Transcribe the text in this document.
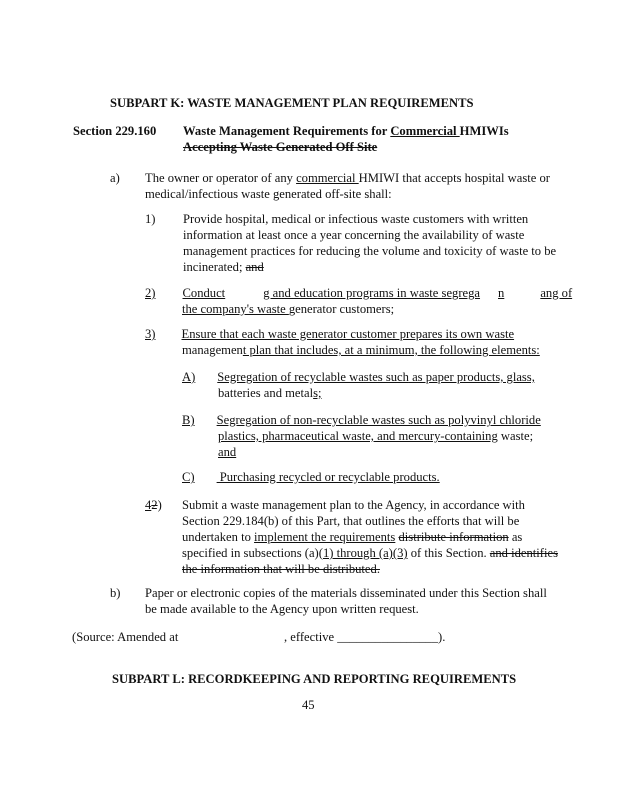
SUBPART K: WASTE MANAGEMENT PLAN REQUIREMENTS
Section 229.160 Waste Management Requirements for Commercial HMIWIs
Accepting Waste Generated Off Site
a) The owner or operator of any commercial HMIWI that accepts hospital waste or
medical/infectious waste generated off-site shall:
1) Provide hospital, medical or infectious waste customers with written
information at least once a year concerning the availability of waste
management practices for reducing the volume and toxicity of waste to be
incinerated; and
2) Conduct	g and education programs in waste segrega n	ang of
the company's waste generator customers;
3) Ensure that each waste generator customer prepares its own waste
management plan that includes, at a minimum, the following elements:
A) Segregation of recyclable wastes such as paper products, glass,
batteries and metals;
B) Segregation of non-recyclable wastes such as polyvinyl chloride
plastics, pharmaceutical waste, and mercury-containing waste;
and
C) Purchasing recycled or recyclable products.
42) Submit a waste management plan to the Agency, in accordance with
Section 229.184(b) of this Part, that outlines the efforts that will be
undertaken to implement the requirements distribute information as
specified in subsections (a)(1) through (a)(3) of this Section. and identifies
the information that will be distributed.
b) Paper or electronic copies of the materials disseminated under this Section shall
be made available to the Agency upon written request.
(Source: Amended at	, effective ________________).
SUBPART L: RECORDKEEPING AND REPORTING REQUIREMENTS
45
